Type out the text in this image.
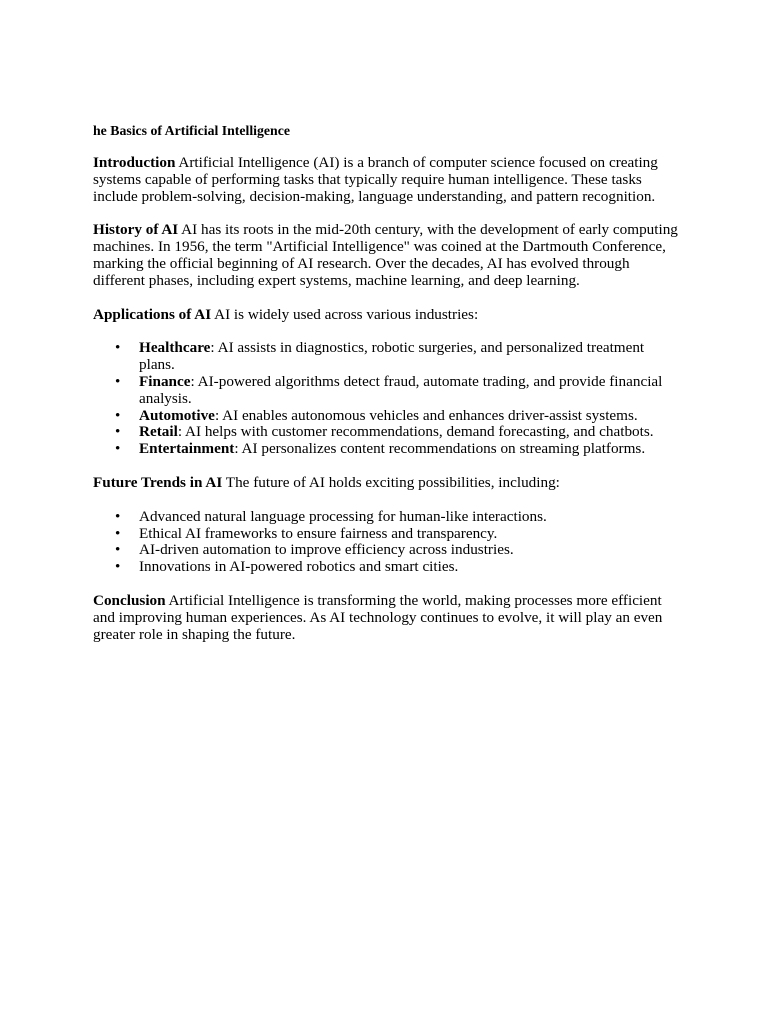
he Basics of Artificial Intelligence

Introduction Artificial Intelligence (AI) is a branch of computer science focused on creating systems capable of performing tasks that typically require human intelligence. These tasks include problem-solving, decision-making, language understanding, and pattern recognition.

History of AI AI has its roots in the mid-20th century, with the development of early computing machines. In 1956, the term "Artificial Intelligence" was coined at the Dartmouth Conference, marking the official beginning of AI research. Over the decades, AI has evolved through different phases, including expert systems, machine learning, and deep learning.

Applications of AI AI is widely used across various industries:

• Healthcare: AI assists in diagnostics, robotic surgeries, and personalized treatment plans.
• Finance: AI-powered algorithms detect fraud, automate trading, and provide financial analysis.
• Automotive: AI enables autonomous vehicles and enhances driver-assist systems.
• Retail: AI helps with customer recommendations, demand forecasting, and chatbots.
• Entertainment: AI personalizes content recommendations on streaming platforms.

Future Trends in AI The future of AI holds exciting possibilities, including:

• Advanced natural language processing for human-like interactions.
• Ethical AI frameworks to ensure fairness and transparency.
• AI-driven automation to improve efficiency across industries.
• Innovations in AI-powered robotics and smart cities.

Conclusion Artificial Intelligence is transforming the world, making processes more efficient and improving human experiences. As AI technology continues to evolve, it will play an even greater role in shaping the future.
